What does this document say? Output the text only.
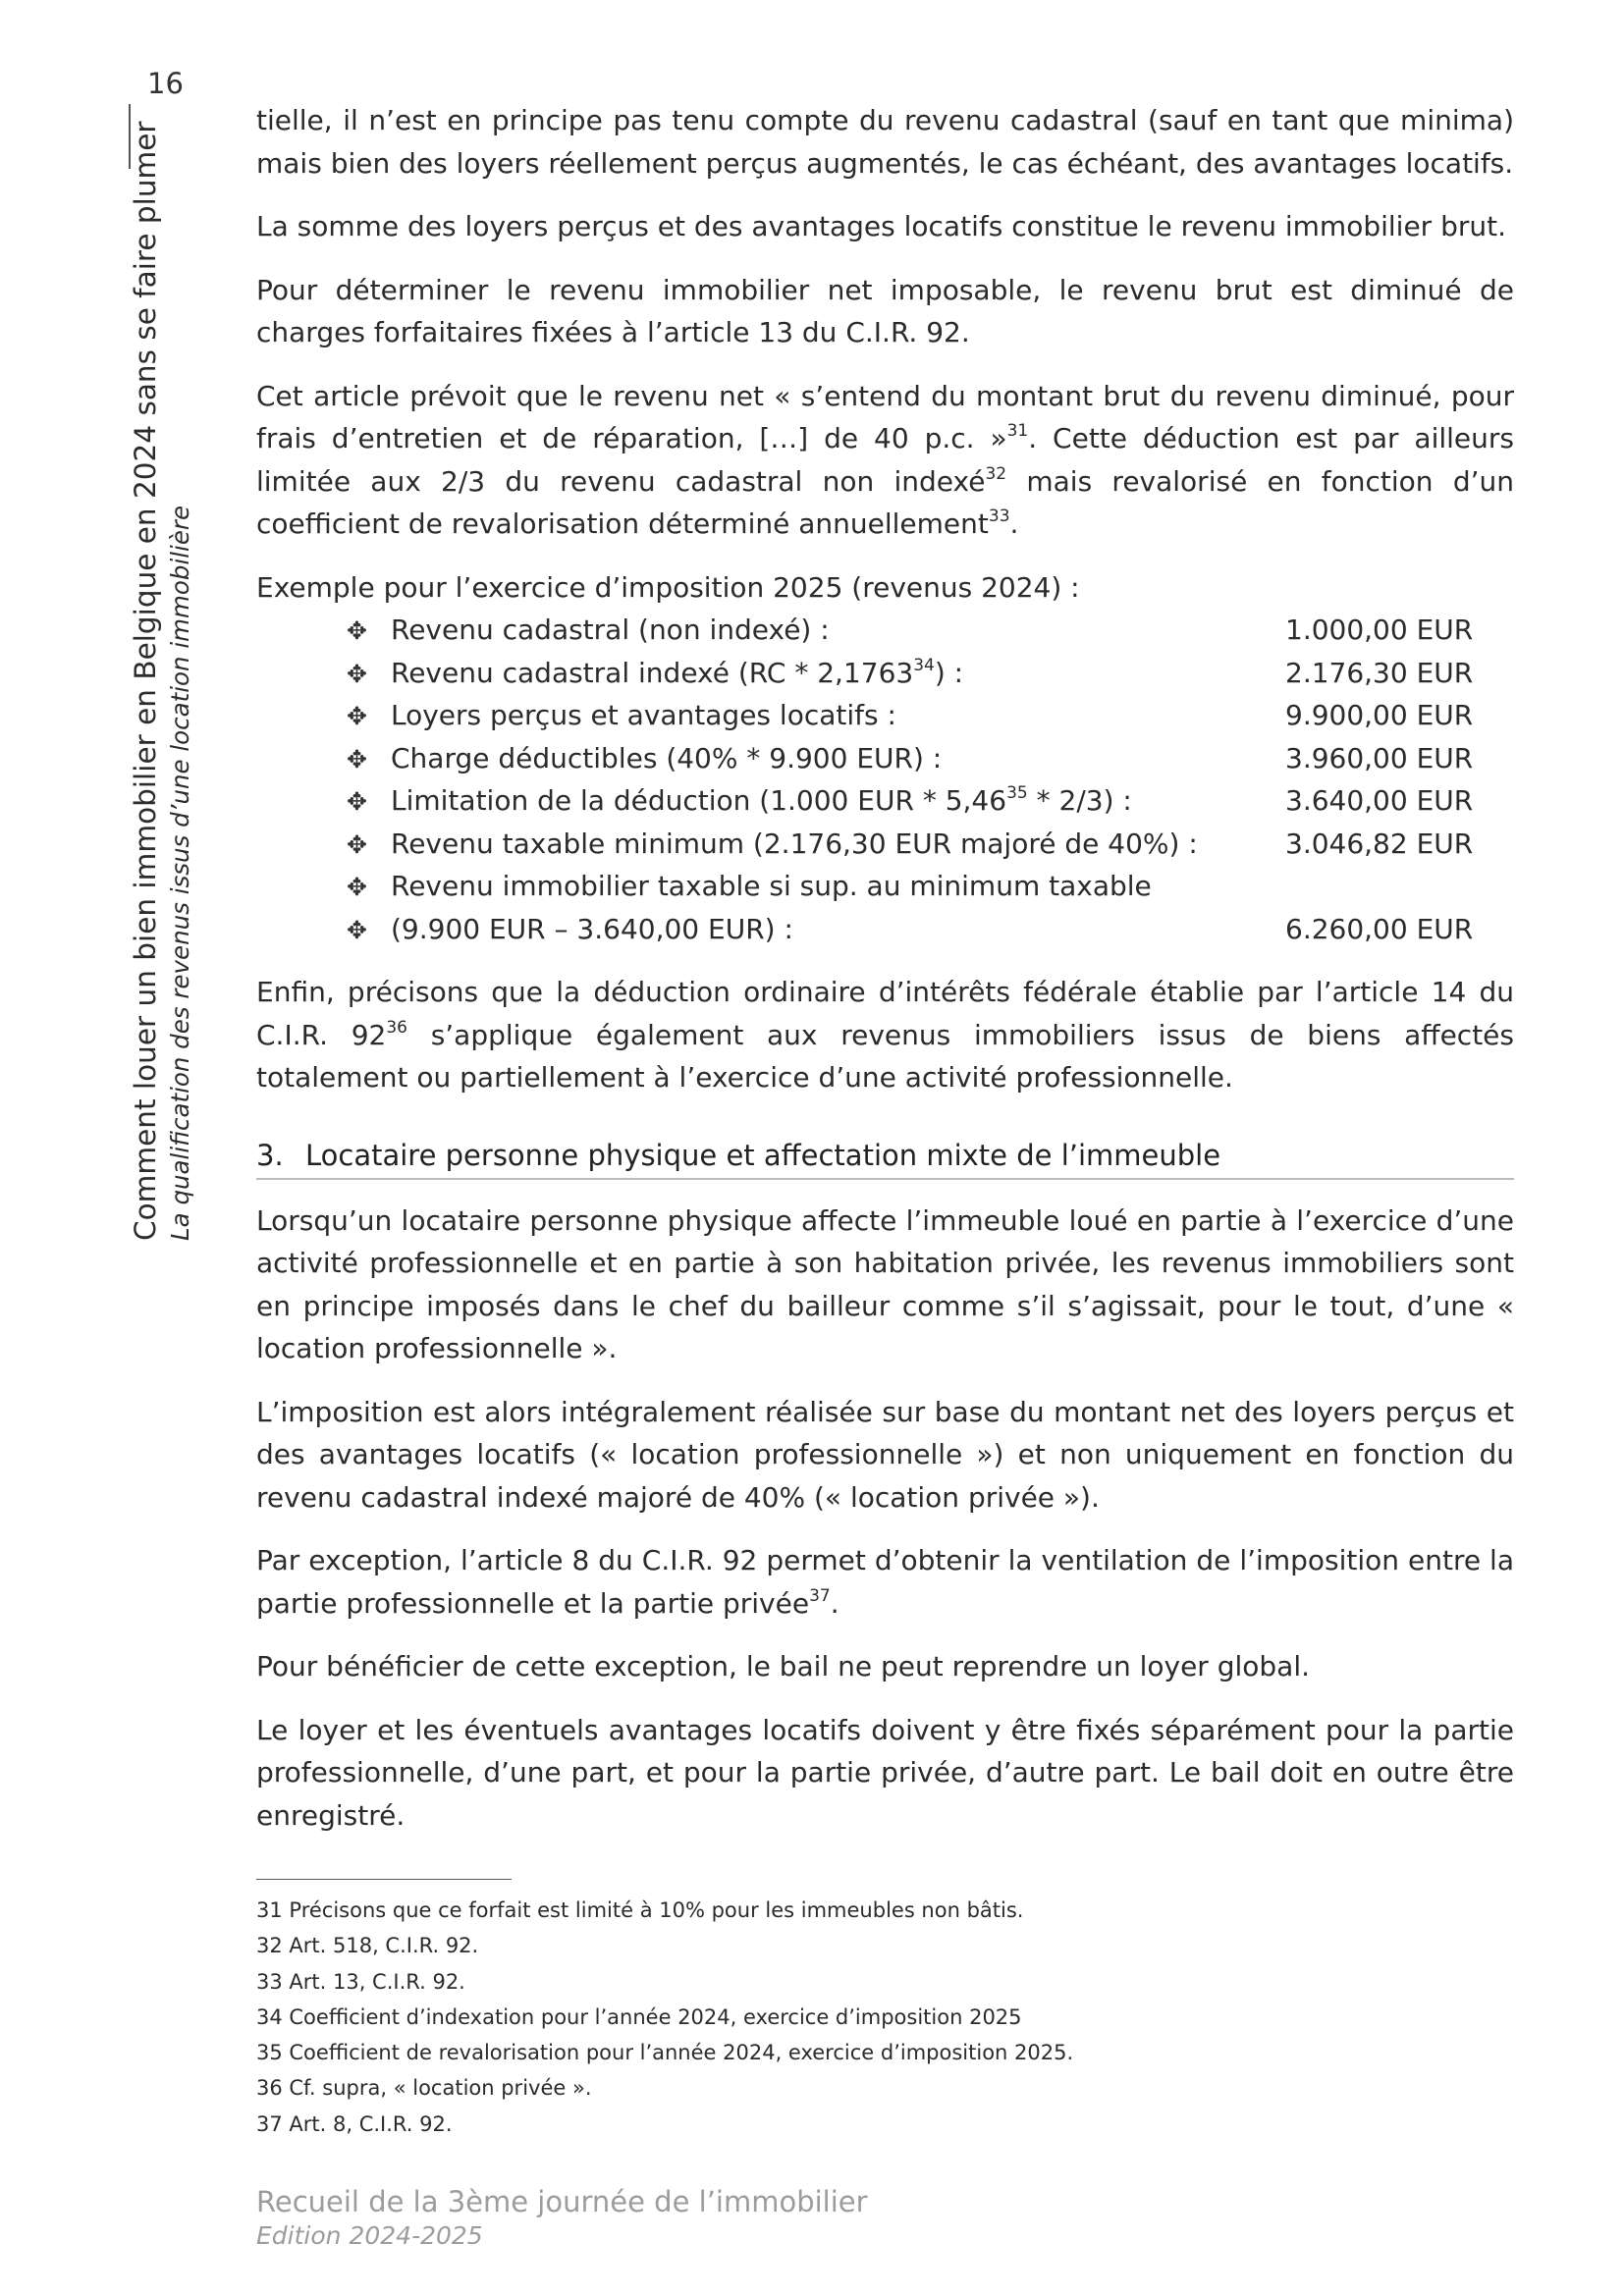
16
Comment louer un bien immobilier en Belgique en 2024 sans se faire plumer La qualification des revenus issus d’une location immobilière

tielle, il n’est en principe pas tenu compte du revenu cadastral (sauf en tant que minima) mais bien des loyers réellement perçus augmentés, le cas échéant, des avantages locatifs.

La somme des loyers perçus et des avantages locatifs constitue le revenu immobilier brut.

Pour déterminer le revenu immobilier net imposable, le revenu brut est diminué de charges forfaitaires fixées à l’article 13 du C.I.R. 92.

Cet article prévoit que le revenu net « s’entend du montant brut du revenu diminué, pour frais d’entretien et de réparation, […] de 40 p.c. »$^{31}$. Cette déduction est par ailleurs limitée aux 2/3 du revenu cadastral non indexé$^{32}$ mais revalorisé en fonction d’un coefficient de revalorisation déterminé annuellement$^{33}$.

Exemple pour l’exercice d’imposition 2025 (revenus 2024) :

✥ Revenu cadastral (non indexé) :	1.000,00 EUR
✥ Revenu cadastral indexé (RC * 2,1763$^{34}$) :	2.176,30 EUR
✥ Loyers perçus et avantages locatifs :	9.900,00 EUR
✥ Charge déductibles (40% * 9.900 EUR) :	3.960,00 EUR
✥ Limitation de la déduction (1.000 EUR * 5,46$^{35}$ * 2/3) :	3.640,00 EUR
✥ Revenu taxable minimum (2.176,30 EUR majoré de 40%) :	3.046,82 EUR
✥ Revenu immobilier taxable si sup. au minimum taxable
✥ (9.900 EUR – 3.640,00 EUR) :	6.260,00 EUR

Enfin, précisons que la déduction ordinaire d’intérêts fédérale établie par l’article 14 du C.I.R. $92^{36}$ s’applique également aux revenus immobiliers issus de biens affectés totalement ou partiellement à l’exercice d’une activité professionnelle.

3. Locataire personne physique et affectation mixte de l’immeuble

Lorsqu’un locataire personne physique affecte l’immeuble loué en partie à l’exercice d’une activité professionnelle et en partie à son habitation privée, les revenus immobiliers sont en principe imposés dans le chef du bailleur comme s’il s’agissait, pour le tout, d’une « location professionnelle ».

L’imposition est alors intégralement réalisée sur base du montant net des loyers perçus et des avantages locatifs (« location professionnelle ») et non uniquement en fonction du revenu cadastral indexé majoré de 40% (« location privée »).

Par exception, l’article 8 du C.I.R. 92 permet d’obtenir la ventilation de l’imposition entre la partie professionnelle et la partie privée$^{37}$.

Pour bénéficier de cette exception, le bail ne peut reprendre un loyer global.

Le loyer et les éventuels avantages locatifs doivent y être fixés séparément pour la partie professionnelle, d’une part, et pour la partie privée, d’autre part. Le bail doit en outre être enregistré.

31 Précisons que ce forfait est limité à 10% pour les immeubles non bâtis.
32 Art. 518, C.I.R. 92.
33 Art. 13, C.I.R. 92.
34 Coefficient d’indexation pour l’année 2024, exercice d’imposition 2025
35 Coefficient de revalorisation pour l’année 2024, exercice d’imposition 2025.
36 Cf. supra, « location privée ».
37 Art. 8, C.I.R. 92.
Recueil de la 3ème journée de l’immobilier
Edition 2024-2025
